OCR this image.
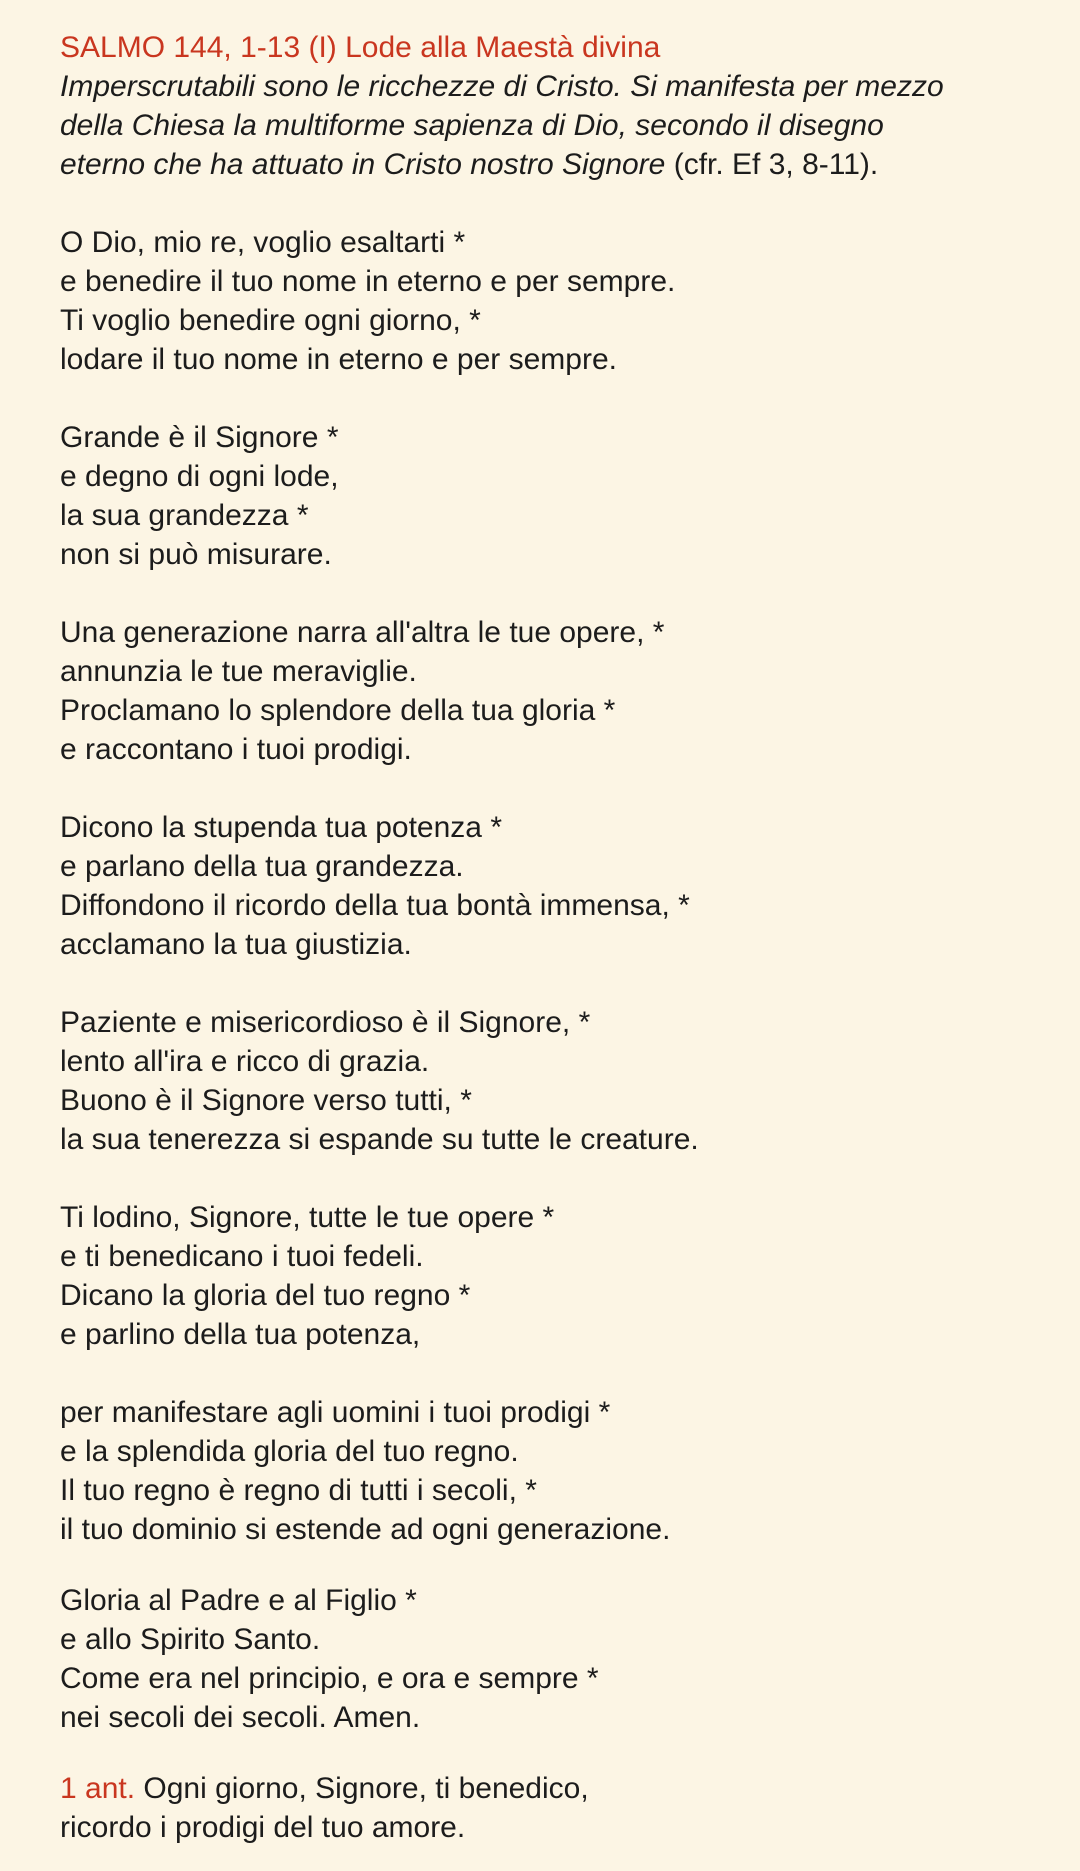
SALMO 144, 1-13 (I) Lode alla Maestà divina
Imperscrutabili sono le ricchezze di Cristo. Si manifesta per mezzo
della Chiesa la multiforme sapienza di Dio, secondo il disegno
eterno che ha attuato in Cristo nostro Signore (cfr. Ef 3, 8-11).
O Dio, mio re, voglio esaltarti *
e benedire il tuo nome in eterno e per sempre.
Ti voglio benedire ogni giorno, *
lodare il tuo nome in eterno e per sempre.
Grande è il Signore *
e degno di ogni lode,
la sua grandezza *
non si può misurare.
Una generazione narra all'altra le tue opere, *
annunzia le tue meraviglie.
Proclamano lo splendore della tua gloria *
e raccontano i tuoi prodigi.
Dicono la stupenda tua potenza *
e parlano della tua grandezza.
Diffondono il ricordo della tua bontà immensa, *
acclamano la tua giustizia.
Paziente e misericordioso è il Signore, *
lento all'ira e ricco di grazia.
Buono è il Signore verso tutti, *
la sua tenerezza si espande su tutte le creature.
Ti lodino, Signore, tutte le tue opere *
e ti benedicano i tuoi fedeli.
Dicano la gloria del tuo regno *
e parlino della tua potenza,
per manifestare agli uomini i tuoi prodigi *
e la splendida gloria del tuo regno.
Il tuo regno è regno di tutti i secoli, *
il tuo dominio si estende ad ogni generazione.
Gloria al Padre e al Figlio *
e allo Spirito Santo.
Come era nel principio, e ora e sempre *
nei secoli dei secoli. Amen.
1 ant. Ogni giorno, Signore, ti benedico,
ricordo i prodigi del tuo amore.
